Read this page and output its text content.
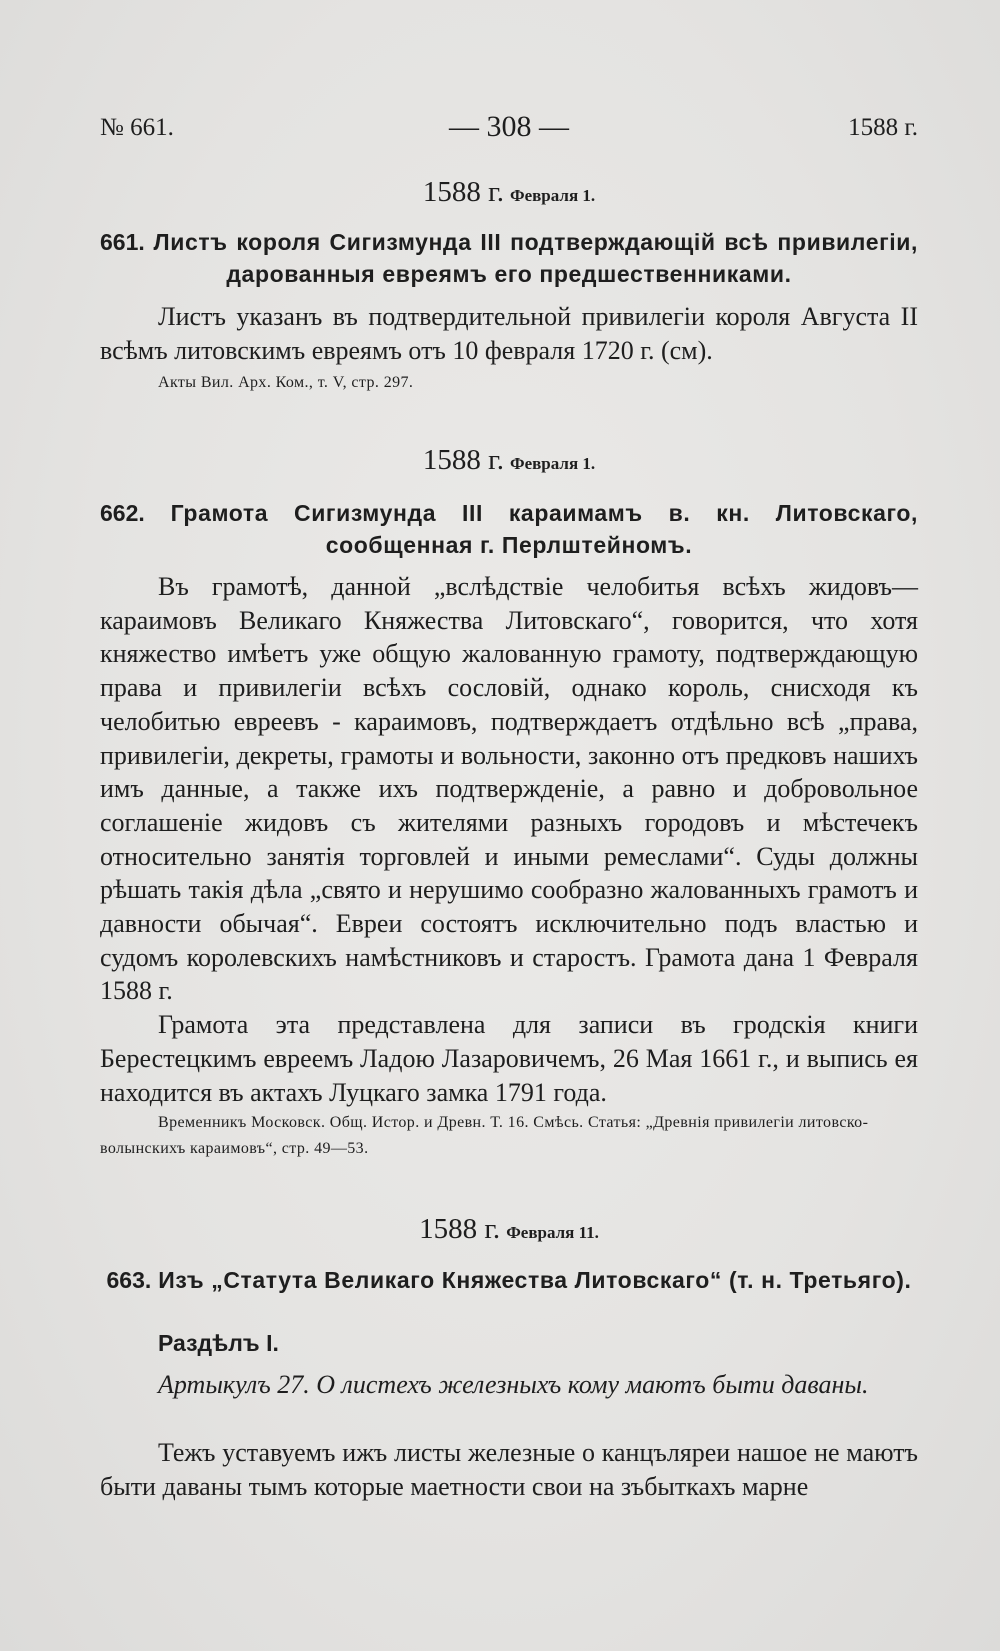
№ 661.	— 308 —	1588 г.
1588 г. Февраля 1.
661. Листъ короля Сигизмунда III подтверждающій всѣ привилегіи, дарованныя евреямъ его предшественниками.

Листъ указанъ въ подтвердительной привилегіи короля Августа II всѣмъ литовскимъ евреямъ отъ 10 февраля 1720 г. (см).

Акты Вил. Арх. Ком., т. V, стр. 297.
1588 г. Февраля 1.
662. Грамота Сигизмунда III караимамъ в. кн. Литовскаго, сообщенная г. Перлштейномъ.

Въ грамотѣ, данной „вслѣдствіе челобитья всѣхъ жидовъ—караимовъ Великаго Княжества Литовскаго“, говорится, что хотя княжество имѣетъ уже общую жалованную грамоту, подтверждающую права и привилегіи всѣхъ сословій, однако король, снисходя къ челобитью евреевъ - караимовъ, подтверждаетъ отдѣльно всѣ „права, привилегіи, декреты, грамоты и вольности, законно отъ предковъ нашихъ имъ данные, а также ихъ подтвержденіе, а равно и добровольное соглашеніе жидовъ съ жителями разныхъ городовъ и мѣстечекъ относительно занятія торговлей и иными ремеслами“. Суды должны рѣшать такія дѣла „свято и нерушимо сообразно жалованныхъ грамотъ и давности обычая“. Евреи состоятъ исключительно подъ властью и судомъ королевскихъ намѣстниковъ и старостъ. Грамота дана 1 Февраля 1588 г.

Грамота эта представлена для записи въ гродскія книги Берестецкимъ евреемъ Ладою Лазаровичемъ, 26 Мая 1661 г., и выпись ея находится въ актахъ Луцкаго замка 1791 года.

Временникъ Московск. Общ. Истор. и Древн. Т. 16. Смѣсь. Статья: „Древнія привилегіи литовско-волынскихъ караимовъ“, стр. 49—53.
1588 г. Февраля 11.
663. Изъ „Статута Великаго Княжества Литовскаго“ (т. н. Третьяго).
Раздѣлъ I.
Артыкулъ 27. О листехъ железныхъ кому маютъ быти даваны.

Тежъ уставуемъ ижъ листы железные о канцъляреи нашое не маютъ быти даваны тымъ которые маетности свои на зъбыткахъ марне
